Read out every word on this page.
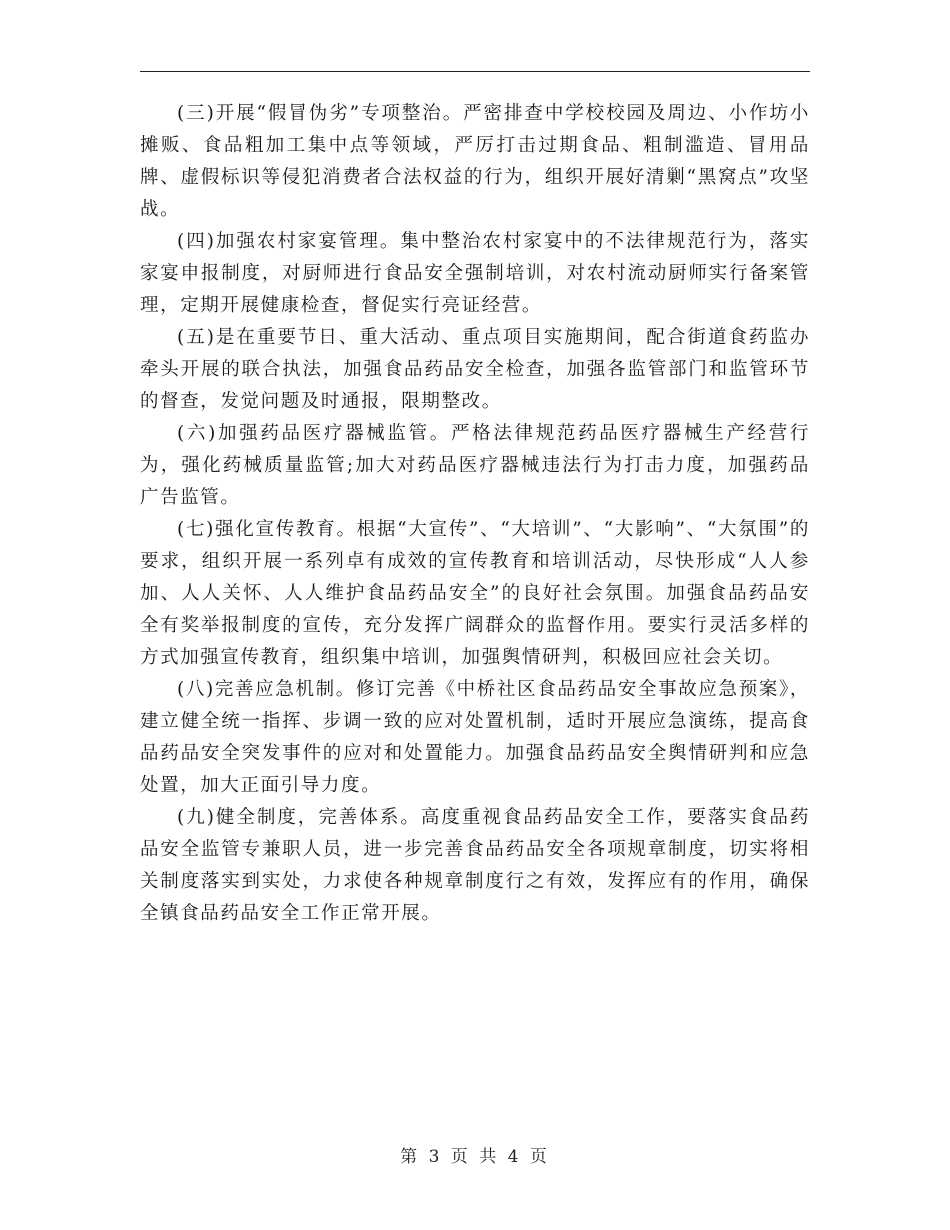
(三)开展“假冒伪劣”专项整治。严密排查中学校校园及周边、小作坊小摊贩、食品粗加工集中点等领域，严厉打击过期食品、粗制滥造、冒用品牌、虚假标识等侵犯消费者合法权益的行为，组织开展好清剿“黑窝点”攻坚战。

(四)加强农村家宴管理。集中整治农村家宴中的不法律规范行为，落实家宴申报制度，对厨师进行食品安全强制培训，对农村流动厨师实行备案管理，定期开展健康检查，督促实行亮证经营。

(五)是在重要节日、重大活动、重点项目实施期间，配合街道食药监办牵头开展的联合执法，加强食品药品安全检查，加强各监管部门和监管环节的督查，发觉问题及时通报，限期整改。

(六)加强药品医疗器械监管。严格法律规范药品医疗器械生产经营行为，强化药械质量监管;加大对药品医疗器械违法行为打击力度，加强药品广告监管。

(七)强化宣传教育。根据“大宣传”、“大培训”、“大影响”、“大氛围”的要求，组织开展一系列卓有成效的宣传教育和培训活动，尽快形成“人人参加、人人关怀、人人维护食品药品安全”的良好社会氛围。加强食品药品安全有奖举报制度的宣传，充分发挥广阔群众的监督作用。要实行灵活多样的方式加强宣传教育，组织集中培训，加强舆情研判，积极回应社会关切。

(八)完善应急机制。修订完善《中桥社区食品药品安全事故应急预案》，建立健全统一指挥、步调一致的应对处置机制，适时开展应急演练，提高食品药品安全突发事件的应对和处置能力。加强食品药品安全舆情研判和应急处置，加大正面引导力度。

(九)健全制度，完善体系。高度重视食品药品安全工作，要落实食品药品安全监管专兼职人员，进一步完善食品药品安全各项规章制度，切实将相关制度落实到实处，力求使各种规章制度行之有效，发挥应有的作用，确保全镇食品药品安全工作正常开展。

第 3 页 共 4 页
